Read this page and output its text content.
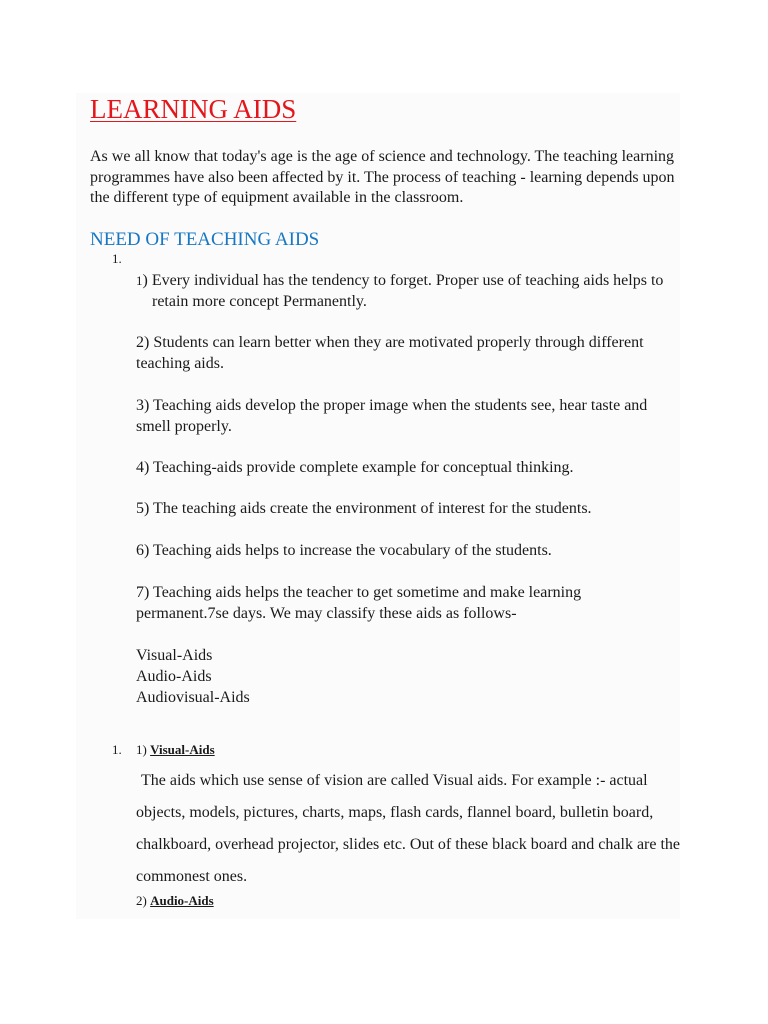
LEARNING AIDS

As we all know that today's age is the age of science and technology. The teaching learning programmes have also been affected by it. The process of teaching - learning depends upon the different type of equipment available in the classroom.

NEED OF TEACHING AIDS
1.

1) Every individual has the tendency to forget. Proper use of teaching aids helps to retain more concept Permanently.

2) Students can learn better when they are motivated properly through different teaching aids.

3) Teaching aids develop the proper image when the students see, hear taste and smell properly.

4) Teaching-aids provide complete example for conceptual thinking.

5) The teaching aids create the environment of interest for the students.

6) Teaching aids helps to increase the vocabulary of the students.

7) Teaching aids helps the teacher to get sometime and make learning permanent.7se days. We may classify these aids as follows-

Visual-Aids
Audio-Aids
Audiovisual-Aids
1. 1) Visual-Aids

The aids which use sense of vision are called Visual aids. For example :- actual objects, models, pictures, charts, maps, flash cards, flannel board, bulletin board, chalkboard, overhead projector, slides etc. Out of these black board and chalk are the commonest ones.

2) Audio-Aids
